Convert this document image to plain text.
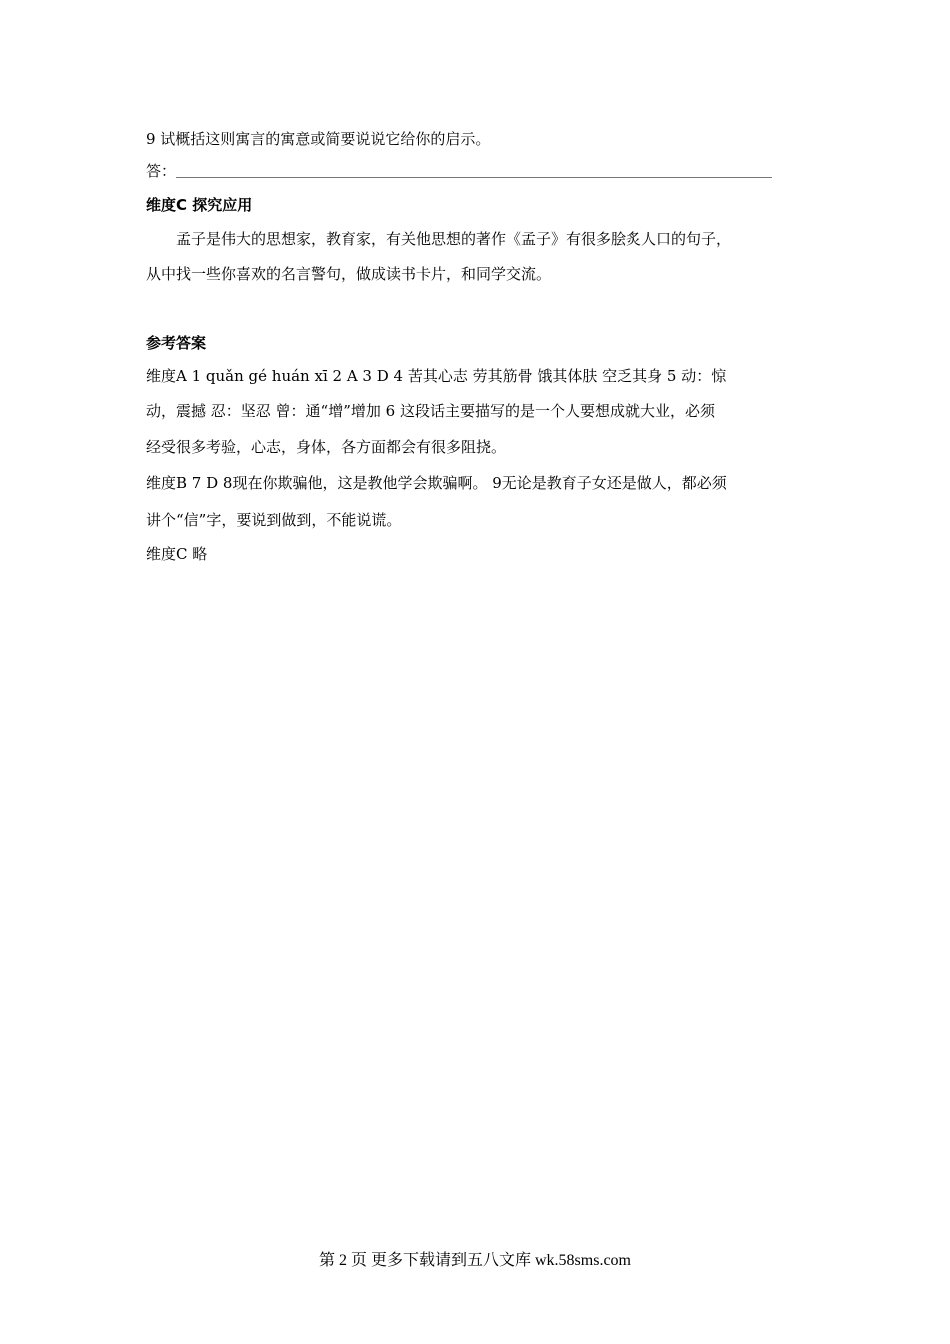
9 试概括这则寓言的寓意或简要说说它给你的启示。
答：
维度C 探究应用
孟子是伟大的思想家，教育家，有关他思想的著作《孟子》有很多脍炙人口的句子，
从中找一些你喜欢的名言警句，做成读书卡片，和同学交流。
参考答案
维度A 1 quǎn gé huán xī 2 A 3 D 4 苦其心志 劳其筋骨 饿其体肤 空乏其身 5 动：惊
动，震撼 忍：坚忍 曾：通“增”增加 6 这段话主要描写的是一个人要想成就大业，必须
经受很多考验，心志，身体，各方面都会有很多阻挠。
维度B 7 D 8现在你欺骗他，这是教他学会欺骗啊。 9无论是教育子女还是做人，都必须
讲个“信”字，要说到做到，不能说谎。
维度C 略
第 2 页 更多下载请到五八文库 wk.58sms.com
